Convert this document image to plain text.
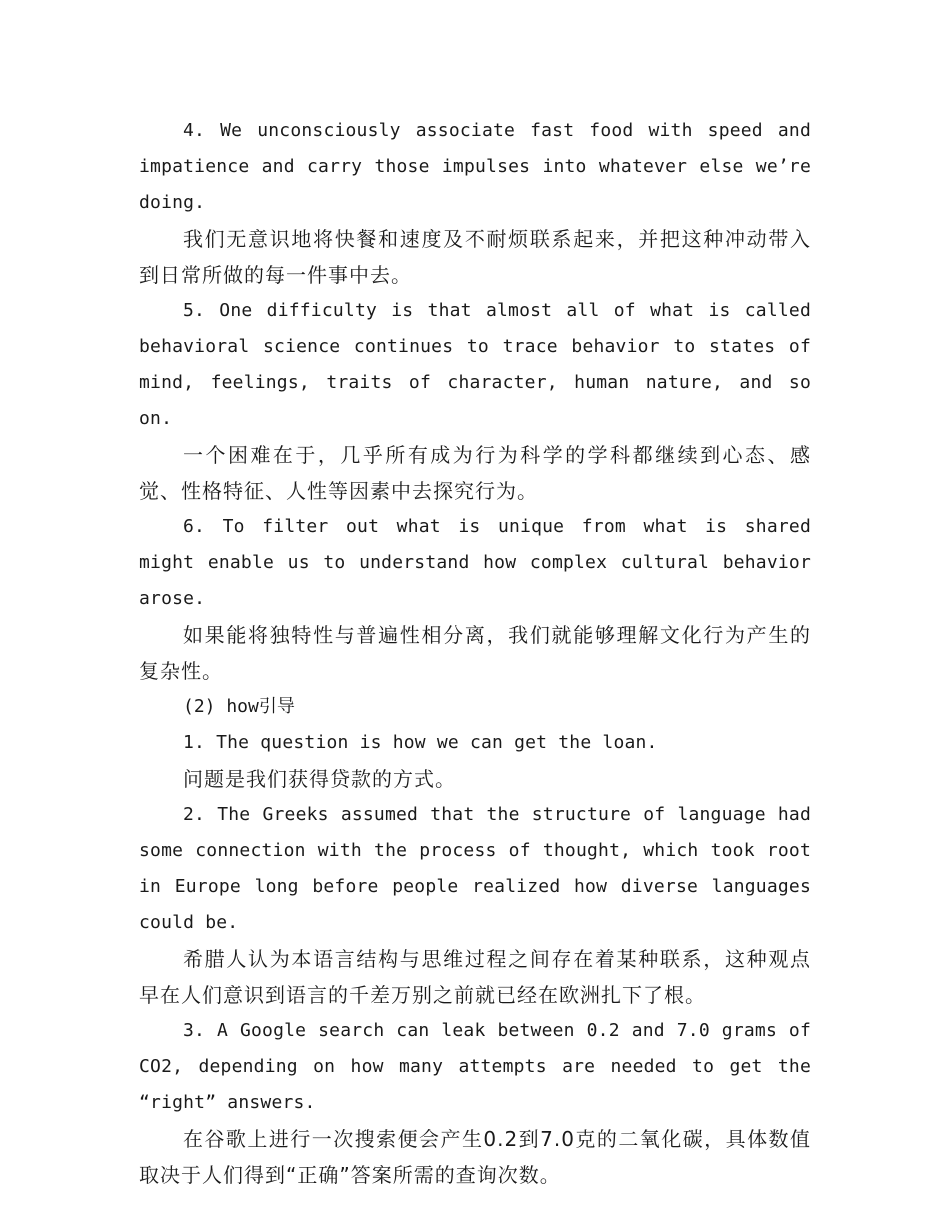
4. We unconsciously associate fast food with speed and impatience and carry those impulses into whatever else we’re doing.

我们无意识地将快餐和速度及不耐烦联系起来，并把这种冲动带入到日常所做的每一件事中去。

5. One difficulty is that almost all of what is called behavioral science continues to trace behavior to states of mind, feelings, traits of character, human nature, and so on.

一个困难在于，几乎所有成为行为科学的学科都继续到心态、感觉、性格特征、人性等因素中去探究行为。

6. To filter out what is unique from what is shared might enable us to understand how complex cultural behavior arose.

如果能将独特性与普遍性相分离，我们就能够理解文化行为产生的复杂性。

(2) how引导

1. The question is how we can get the loan.

问题是我们获得贷款的方式。

2. The Greeks assumed that the structure of language had some connection with the process of thought, which took root in Europe long before people realized how diverse languages could be.

希腊人认为本语言结构与思维过程之间存在着某种联系，这种观点早在人们意识到语言的千差万别之前就已经在欧洲扎下了根。

3. A Google search can leak between 0.2 and 7.0 grams of CO2, depending on how many attempts are needed to get the “right” answers.

在谷歌上进行一次搜索便会产生0.2到7.0克的二氧化碳，具体数值取决于人们得到“正确”答案所需的查询次数。
